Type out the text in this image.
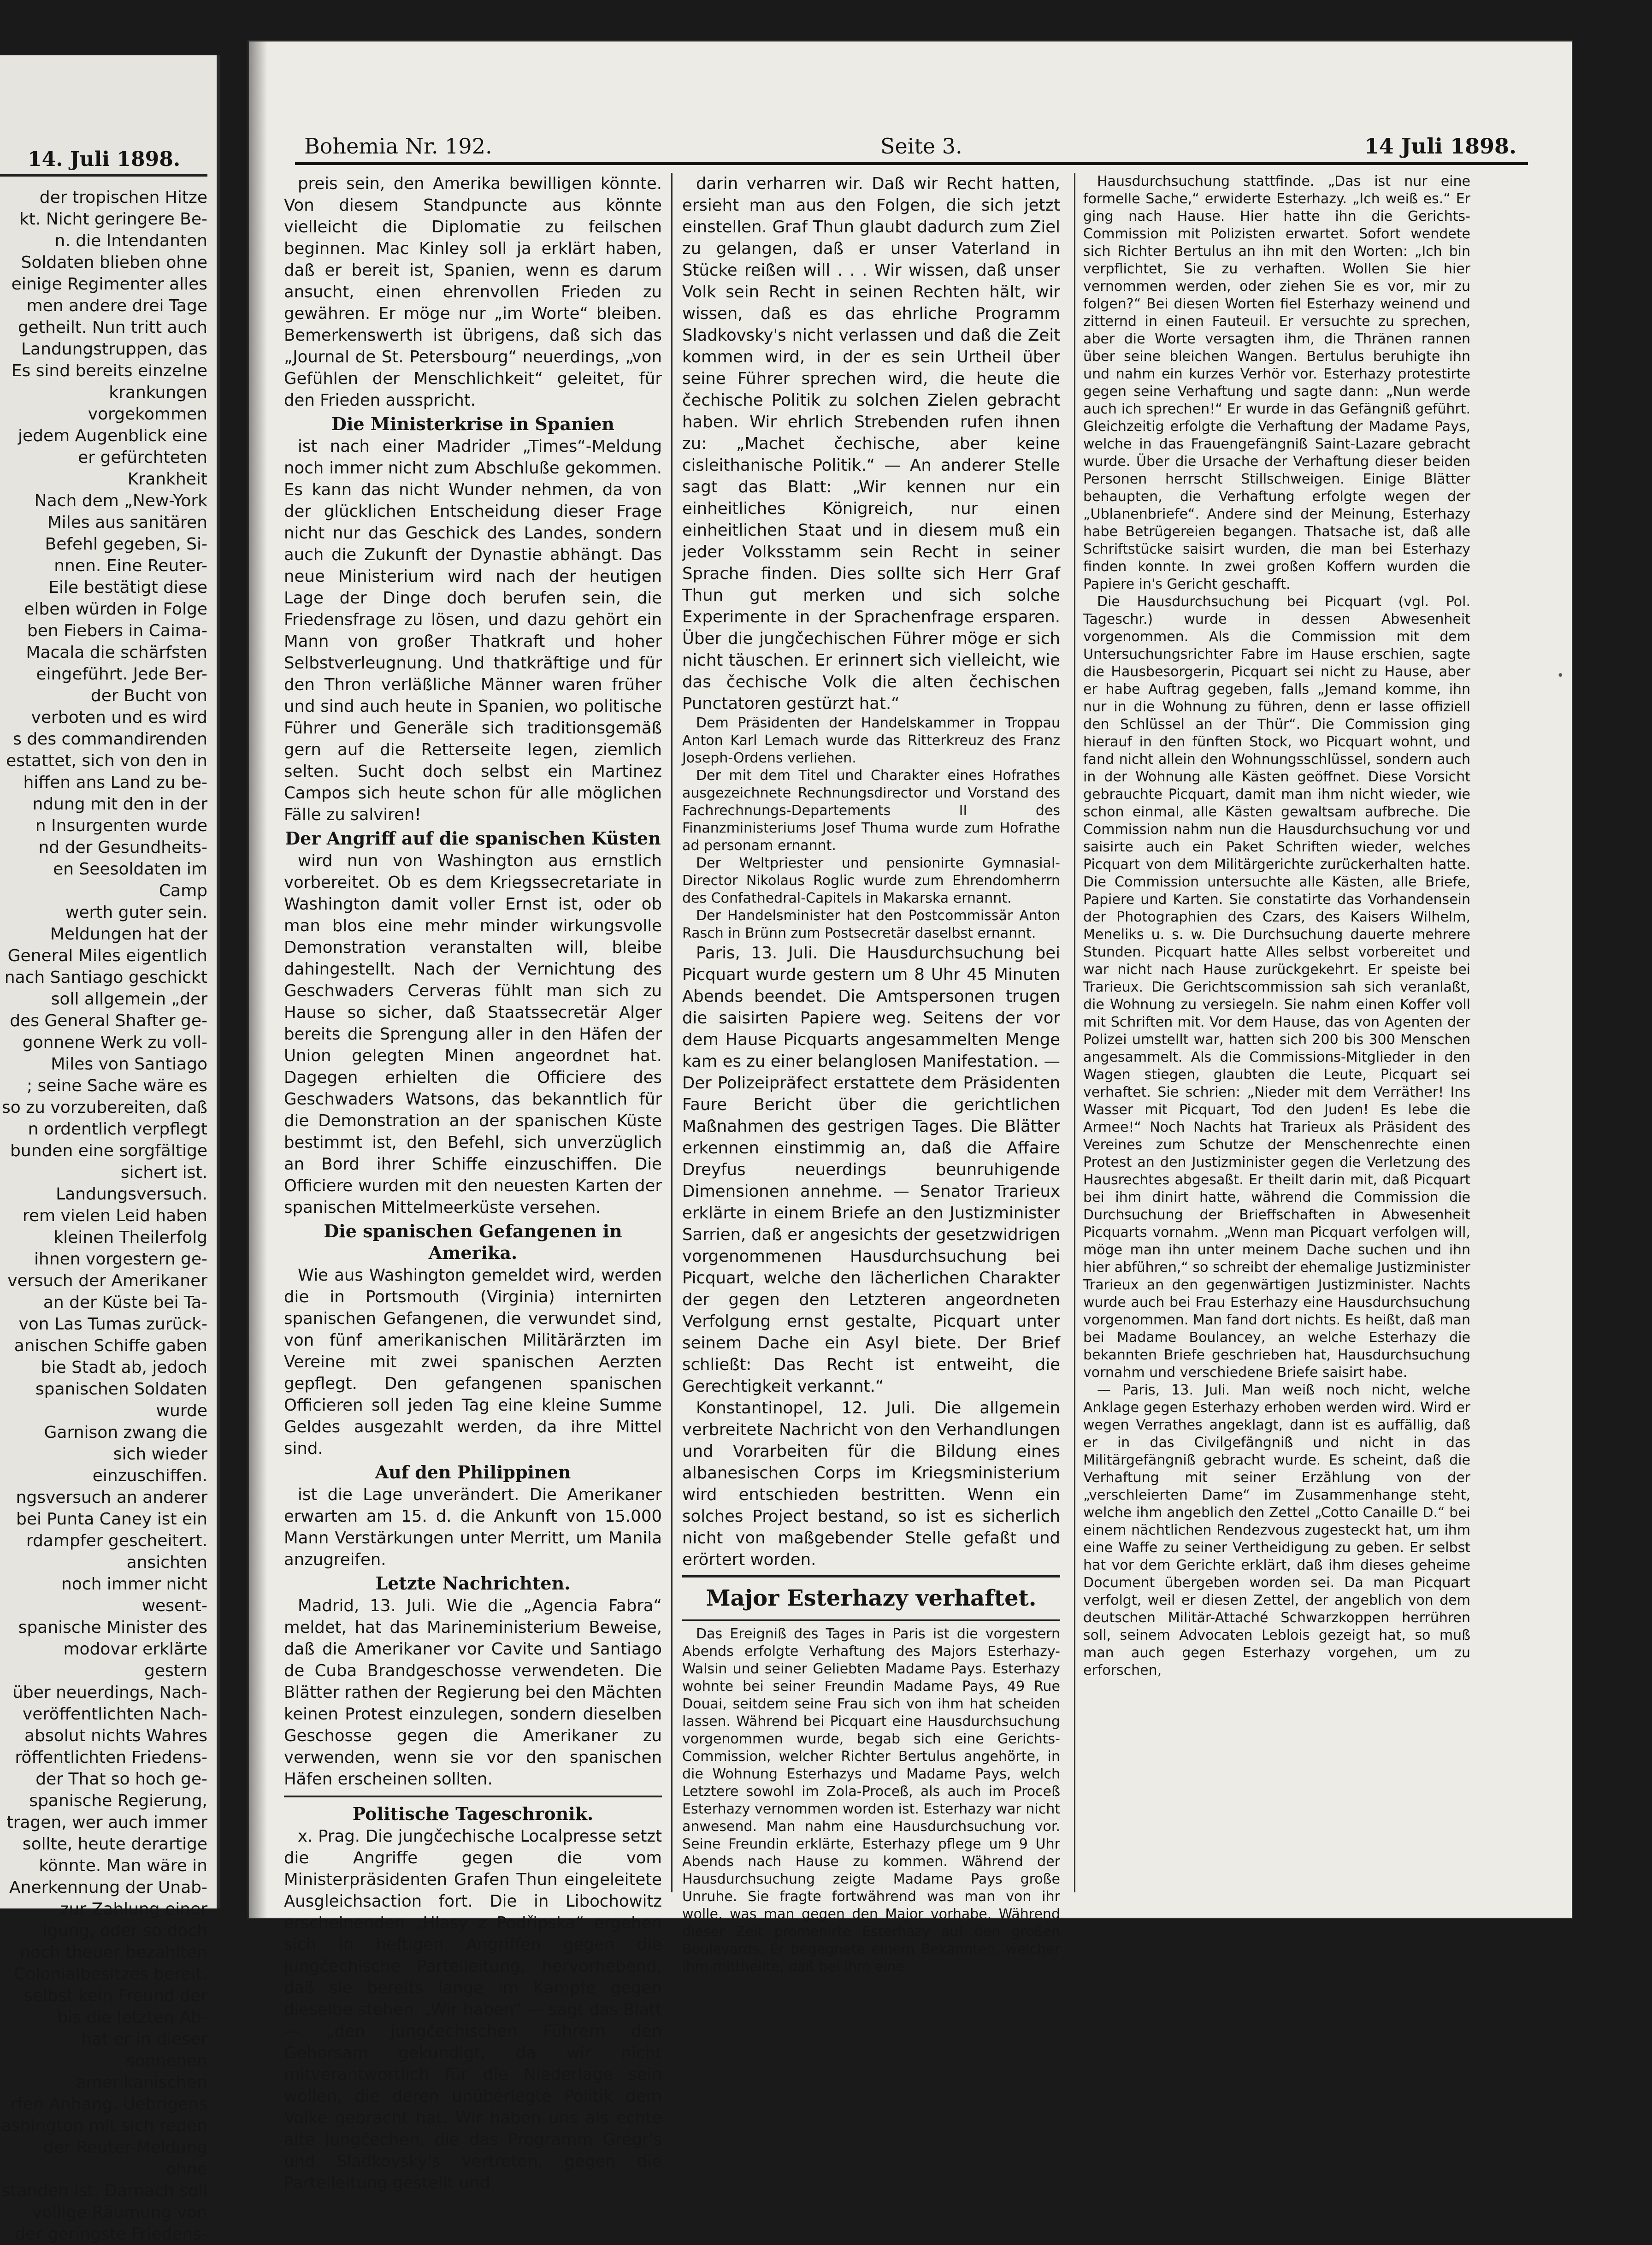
14. Juli 1898.
der tropischen Hitze
kt. Nicht geringere Be-
n. die Intendanten
Soldaten blieben ohne
einige Regimenter alles
men andere drei Tage
getheilt. Nun tritt auch
Landungstruppen, das
Es sind bereits einzelne
krankungen vorgekommen
jedem Augenblick eine
er gefürchteten Krankheit
Nach dem „New-York
Miles aus sanitären
Befehl gegeben, Si-
nnen. Eine Reuter-
Eile bestätigt diese
elben würden in Folge
ben Fiebers in Caima-
Macala die schärfsten
eingeführt. Jede Ber-
der Bucht von
verboten und es wird
s des commandirenden
estattet, sich von den in
hiffen ans Land zu be-
ndung mit den in der
n Insurgenten wurde
nd der Gesundheits-
en Seesoldaten im Camp
werth guter sein.
Meldungen hat der
General Miles eigentlich
nach Santiago geschickt
soll allgemein „der
des General Shafter ge-
gonnene Werk zu voll-
Miles von Santiago
; seine Sache wäre es
so zu vorzubereiten, daß
n ordentlich verpflegt
bunden eine sorgfältige
sichert ist.
Landungsversuch.
rem vielen Leid haben
kleinen Theilerfolg
ihnen vorgestern ge-
versuch der Amerikaner
an der Küste bei Ta-
von Las Tumas zurück-
anischen Schiffe gaben
bie Stadt ab, jedoch
spanischen Soldaten wurde
Garnison zwang die
sich wieder einzuschiffen.
ngsversuch an anderer
bei Punta Caney ist ein
rdampfer gescheitert.
ansichten
noch immer nicht wesent-
spanische Minister des
modovar erklärte gestern
über neuerdings, Nach-
veröffentlichten Nach-
absolut nichts Wahres
röffentlichten Friedens-
der That so hoch ge-
spanische Regierung,
tragen, wer auch immer
sollte, heute derartige
könnte. Man wäre in
Anerkennung der Unab-
zur Zahlung einer
igung, oder so doch
noch theuer bezahlten
Colonialbesitzes bereit.
selbst kein Freund der
bis die letzten Ab-
hat er in dieser
sonnenen amerikanischen
rfen Anhang. Uebrigens
ashington mit sich reden
der Reuter-Meldung ohne
standen ist. Darnach soll
vollige Räumung von
der geringste Friedens-
Bohemia Nr. 192.	Seite 3.	14 Juli 1898.

preis sein, den Amerika bewilligen könnte. Von diesem Standpuncte aus könnte vielleicht die Diplomatie zu feilschen beginnen. Mac Kinley soll ja erklärt haben, daß er bereit ist, Spanien, wenn es darum ansucht, einen ehrenvollen Frieden zu gewähren. Er möge nur „im Worte“ bleiben. Bemerkenswerth ist übrigens, daß sich das „Journal de St. Petersbourg“ neuerdings, „von Gefühlen der Menschlichkeit“ geleitet, für den Frieden ausspricht.

Die Ministerkrise in Spanien

ist nach einer Madrider „Times“-Meldung noch immer nicht zum Abschluße gekommen. Es kann das nicht Wunder nehmen, da von der glücklichen Entscheidung dieser Frage nicht nur das Geschick des Landes, sondern auch die Zukunft der Dynastie abhängt. Das neue Ministerium wird nach der heutigen Lage der Dinge doch berufen sein, die Friedensfrage zu lösen, und dazu gehört ein Mann von großer Thatkraft und hoher Selbstverleugnung. Und thatkräftige und für den Thron verläßliche Männer waren früher und sind auch heute in Spanien, wo politische Führer und Generäle sich traditionsgemäß gern auf die Retterseite legen, ziemlich selten. Sucht doch selbst ein Martinez Campos sich heute schon für alle möglichen Fälle zu salviren!

Der Angriff auf die spanischen Küsten

wird nun von Washington aus ernstlich vorbereitet. Ob es dem Kriegssecretariate in Washington damit voller Ernst ist, oder ob man blos eine mehr minder wirkungsvolle Demonstration veranstalten will, bleibe dahingestellt. Nach der Vernichtung des Geschwaders Cerveras fühlt man sich zu Hause so sicher, daß Staatssecretär Alger bereits die Sprengung aller in den Häfen der Union gelegten Minen angeordnet hat. Dagegen erhielten die Officiere des Geschwaders Watsons, das bekanntlich für die Demonstration an der spanischen Küste bestimmt ist, den Befehl, sich unverzüglich an Bord ihrer Schiffe einzuschiffen. Die Officiere wurden mit den neuesten Karten der spanischen Mittelmeerküste versehen.

Die spanischen Gefangenen in Amerika.

Wie aus Washington gemeldet wird, werden die in Portsmouth (Virginia) internirten spanischen Gefangenen, die verwundet sind, von fünf amerikanischen Militärärzten im Vereine mit zwei spanischen Aerzten gepflegt. Den gefangenen spanischen Officieren soll jeden Tag eine kleine Summe Geldes ausgezahlt werden, da ihre Mittel sind.

Auf den Philippinen

ist die Lage unverändert. Die Amerikaner erwarten am 15. d. die Ankunft von 15.000 Mann Verstärkungen unter Merritt, um Manila anzugreifen.

Letzte Nachrichten.

Madrid, 13. Juli. Wie die „Agencia Fabra“ meldet, hat das Marineministerium Beweise, daß die Amerikaner vor Cavite und Santiago de Cuba Brandgeschosse verwendeten. Die Blätter rathen der Regierung bei den Mächten keinen Protest einzulegen, sondern dieselben Geschosse gegen die Amerikaner zu verwenden, wenn sie vor den spanischen Häfen erscheinen sollten.

Politische Tageschronik.

x. Prag. Die jungčechische Localpresse setzt die Angriffe gegen die vom Ministerpräsidenten Grafen Thun eingeleitete Ausgleichsaction fort. Die in Libochowitz erscheinenden „Hlasy z Podřipska“ ergehen sich in heftigen Angriffen gegen die jungčechische Parteileitung, hervorhebend, daß sie bereits lange im Kampfe gegen dieselbe stehen. „Wir haben“ — sagt das Blatt — „den jungčechischen Führern den Gehorsam gekündigt, da wir nicht mitverantwortlich für die Niederlage sein wollen, die deren unüberlegte Politik dem Volke gebracht hat. Wir haben uns als echte alte Jungčechen, die das Programm Grégr's und Sladkovsky's vertreten, gegen die Parteileitung gestellt und

darin verharren wir. Daß wir Recht hatten, ersieht man aus den Folgen, die sich jetzt einstellen. Graf Thun glaubt dadurch zum Ziel zu gelangen, daß er unser Vaterland in Stücke reißen will . . . Wir wissen, daß unser Volk sein Recht in seinen Rechten hält, wir wissen, daß es das ehrliche Programm Sladkovsky's nicht verlassen und daß die Zeit kommen wird, in der es sein Urtheil über seine Führer sprechen wird, die heute die čechische Politik zu solchen Zielen gebracht haben. Wir ehrlich Strebenden rufen ihnen zu: „Machet čechische, aber keine cisleithanische Politik.“ — An anderer Stelle sagt das Blatt: „Wir kennen nur ein einheitliches Königreich, nur einen einheitlichen Staat und in diesem muß ein jeder Volksstamm sein Recht in seiner Sprache finden. Dies sollte sich Herr Graf Thun gut merken und sich solche Experimente in der Sprachenfrage ersparen. Über die jungčechischen Führer möge er sich nicht täuschen. Er erinnert sich vielleicht, wie das čechische Volk die alten čechischen Punctatoren gestürzt hat.“

Dem Präsidenten der Handelskammer in Troppau Anton Karl Lemach wurde das Ritterkreuz des Franz Joseph-Ordens verliehen.

Der mit dem Titel und Charakter eines Hofrathes ausgezeichnete Rechnungsdirector und Vorstand des Fachrechnungs-Departements II des Finanzministeriums Josef Thuma wurde zum Hofrathe ad personam ernannt.

Der Weltpriester und pensionirte Gymnasial-Director Nikolaus Roglic wurde zum Ehrendomherrn des Confathedral-Capitels in Makarska ernannt.

Der Handelsminister hat den Postcommissär Anton Rasch in Brünn zum Postsecretär daselbst ernannt.

Paris, 13. Juli. Die Hausdurchsuchung bei Picquart wurde gestern um 8 Uhr 45 Minuten Abends beendet. Die Amtspersonen trugen die saisirten Papiere weg. Seitens der vor dem Hause Picquarts angesammelten Menge kam es zu einer belanglosen Manifestation. — Der Polizeipräfect erstattete dem Präsidenten Faure Bericht über die gerichtlichen Maßnahmen des gestrigen Tages. Die Blätter erkennen einstimmig an, daß die Affaire Dreyfus neuerdings beunruhigende Dimensionen annehme. — Senator Trarieux erklärte in einem Briefe an den Justizminister Sarrien, daß er angesichts der gesetzwidrigen vorgenommenen Hausdurchsuchung bei Picquart, welche den lächerlichen Charakter der gegen den Letzteren angeordneten Verfolgung ernst gestalte, Picquart unter seinem Dache ein Asyl biete. Der Brief schließt: Das Recht ist entweiht, die Gerechtigkeit verkannt.“

Konstantinopel, 12. Juli. Die allgemein verbreitete Nachricht von den Verhandlungen und Vorarbeiten für die Bildung eines albanesischen Corps im Kriegsministerium wird entschieden bestritten. Wenn ein solches Project bestand, so ist es sicherlich nicht von maßgebender Stelle gefaßt und erörtert worden.

Major Esterhazy verhaftet.

Das Ereigniß des Tages in Paris ist die vorgestern Abends erfolgte Verhaftung des Majors Esterhazy-Walsin und seiner Geliebten Madame Pays. Esterhazy wohnte bei seiner Freundin Madame Pays, 49 Rue Douai, seitdem seine Frau sich von ihm hat scheiden lassen. Während bei Picquart eine Hausdurchsuchung vorgenommen wurde, begab sich eine Gerichts-Commission, welcher Richter Bertulus angehörte, in die Wohnung Esterhazys und Madame Pays, welch Letztere sowohl im Zola-Proceß, als auch im Proceß Esterhazy vernommen worden ist. Esterhazy war nicht anwesend. Man nahm eine Hausdurchsuchung vor. Seine Freundin erklärte, Esterhazy pflege um 9 Uhr Abends nach Hause zu kommen. Während der Hausdurchsuchung zeigte Madame Pays große Unruhe. Sie fragte fortwährend was man von ihr wolle, was man gegen den Major vorhabe. Während dieser Zeit promenirte Esterhazy auf den großen Boulevards. Er begegnete einem Bekannten, welcher ihm mittheilte, daß bei ihm eine

Hausdurchsuchung stattfinde. „Das ist nur eine formelle Sache,“ erwiderte Esterhazy. „Ich weiß es.“ Er ging nach Hause. Hier hatte ihn die Gerichts-Commission mit Polizisten erwartet. Sofort wendete sich Richter Bertulus an ihn mit den Worten: „Ich bin verpflichtet, Sie zu verhaften. Wollen Sie hier vernommen werden, oder ziehen Sie es vor, mir zu folgen?“ Bei diesen Worten fiel Esterhazy weinend und zitternd in einen Fauteuil. Er versuchte zu sprechen, aber die Worte versagten ihm, die Thränen rannen über seine bleichen Wangen. Bertulus beruhigte ihn und nahm ein kurzes Verhör vor. Esterhazy protestirte gegen seine Verhaftung und sagte dann: „Nun werde auch ich sprechen!“ Er wurde in das Gefängniß geführt. Gleichzeitig erfolgte die Verhaftung der Madame Pays, welche in das Frauengefängniß Saint-Lazare gebracht wurde. Über die Ursache der Verhaftung dieser beiden Personen herrscht Stillschweigen. Einige Blätter behaupten, die Verhaftung erfolgte wegen der „Ublanenbriefe“. Andere sind der Meinung, Esterhazy habe Betrügereien begangen. Thatsache ist, daß alle Schriftstücke saisirt wurden, die man bei Esterhazy finden konnte. In zwei großen Koffern wurden die Papiere in's Gericht geschafft.

Die Hausdurchsuchung bei Picquart (vgl. Pol. Tageschr.) wurde in dessen Abwesenheit vorgenommen. Als die Commission mit dem Untersuchungsrichter Fabre im Hause erschien, sagte die Hausbesorgerin, Picquart sei nicht zu Hause, aber er habe Auftrag gegeben, falls „Jemand komme, ihn nur in die Wohnung zu führen, denn er lasse offiziell den Schlüssel an der Thür“. Die Commission ging hierauf in den fünften Stock, wo Picquart wohnt, und fand nicht allein den Wohnungsschlüssel, sondern auch in der Wohnung alle Kästen geöffnet. Diese Vorsicht gebrauchte Picquart, damit man ihm nicht wieder, wie schon einmal, alle Kästen gewaltsam aufbreche. Die Commission nahm nun die Hausdurchsuchung vor und saisirte auch ein Paket Schriften wieder, welches Picquart von dem Militärgerichte zurückerhalten hatte. Die Commission untersuchte alle Kästen, alle Briefe, Papiere und Karten. Sie constatirte das Vorhandensein der Photographien des Czars, des Kaisers Wilhelm, Meneliks u. s. w. Die Durchsuchung dauerte mehrere Stunden. Picquart hatte Alles selbst vorbereitet und war nicht nach Hause zurückgekehrt. Er speiste bei Trarieux. Die Gerichtscommission sah sich veranlaßt, die Wohnung zu versiegeln. Sie nahm einen Koffer voll mit Schriften mit. Vor dem Hause, das von Agenten der Polizei umstellt war, hatten sich 200 bis 300 Menschen angesammelt. Als die Commissions-Mitglieder in den Wagen stiegen, glaubten die Leute, Picquart sei verhaftet. Sie schrien: „Nieder mit dem Verräther! Ins Wasser mit Picquart, Tod den Juden! Es lebe die Armee!“ Noch Nachts hat Trarieux als Präsident des Vereines zum Schutze der Menschenrechte einen Protest an den Justizminister gegen die Verletzung des Hausrechtes abgesaßt. Er theilt darin mit, daß Picquart bei ihm dinirt hatte, während die Commission die Durchsuchung der Brieffschaften in Abwesenheit Picquarts vornahm. „Wenn man Picquart verfolgen will, möge man ihn unter meinem Dache suchen und ihn hier abführen,“ so schreibt der ehemalige Justizminister Trarieux an den gegenwärtigen Justizminister. Nachts wurde auch bei Frau Esterhazy eine Hausdurchsuchung vorgenommen. Man fand dort nichts. Es heißt, daß man bei Madame Boulancey, an welche Esterhazy die bekannten Briefe geschrieben hat, Hausdurchsuchung vornahm und verschiedene Briefe saisirt habe.

— Paris, 13. Juli. Man weiß noch nicht, welche Anklage gegen Esterhazy erhoben werden wird. Wird er wegen Verrathes angeklagt, dann ist es auffällig, daß er in das Civilgefängniß und nicht in das Militärgefängniß gebracht wurde. Es scheint, daß die Verhaftung mit seiner Erzählung von der „verschleierten Dame“ im Zusammenhange steht, welche ihm angeblich den Zettel „Cotto Canaille D.“ bei einem nächtlichen Rendezvous zugesteckt hat, um ihm eine Waffe zu seiner Vertheidigung zu geben. Er selbst hat vor dem Gerichte erklärt, daß ihm dieses geheime Document übergeben worden sei. Da man Picquart verfolgt, weil er diesen Zettel, der angeblich von dem deutschen Militär-Attaché Schwarzkoppen herrühren soll, seinem Advocaten Leblois gezeigt hat, so muß man auch gegen Esterhazy vorgehen, um zu erforschen,

·
